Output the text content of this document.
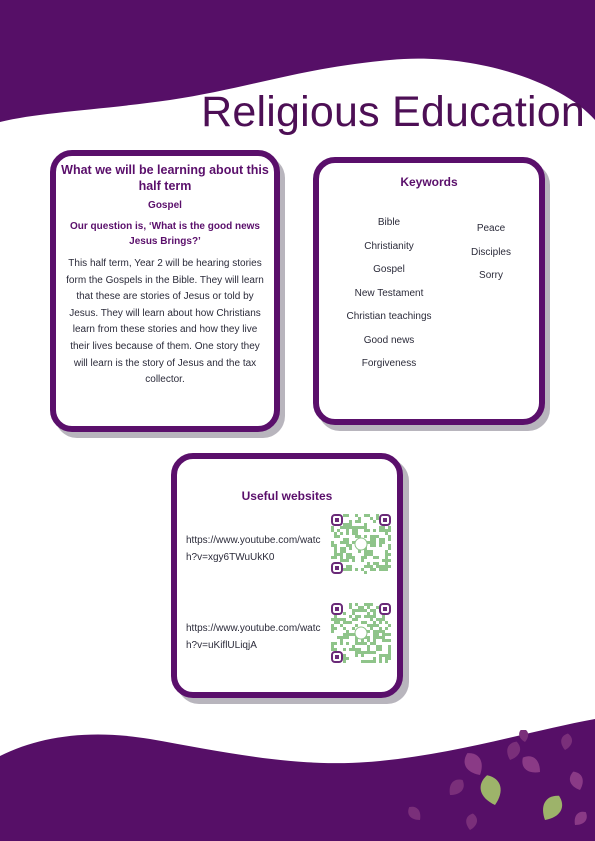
Religious Education
What we will be learning about this half term
Gospel
Our question is, ‘What is the good news Jesus Brings?’
This half term, Year 2 will be hearing stories form the Gospels in the Bible. They will learn that these are stories of Jesus or told by Jesus. They will learn about how Christians learn from these stories and how they live their lives because of them. One story they will learn is the story of Jesus and the tax collector.
Keywords
Bible
Christianity
Gospel
New Testament
Christian teachings
Good news
Forgiveness
Peace
Disciples
Sorry
Useful websites
https://www.youtube.com/watch?v=xgy6TWuUkK0
https://www.youtube.com/watch?v=uKiflULiqjA
